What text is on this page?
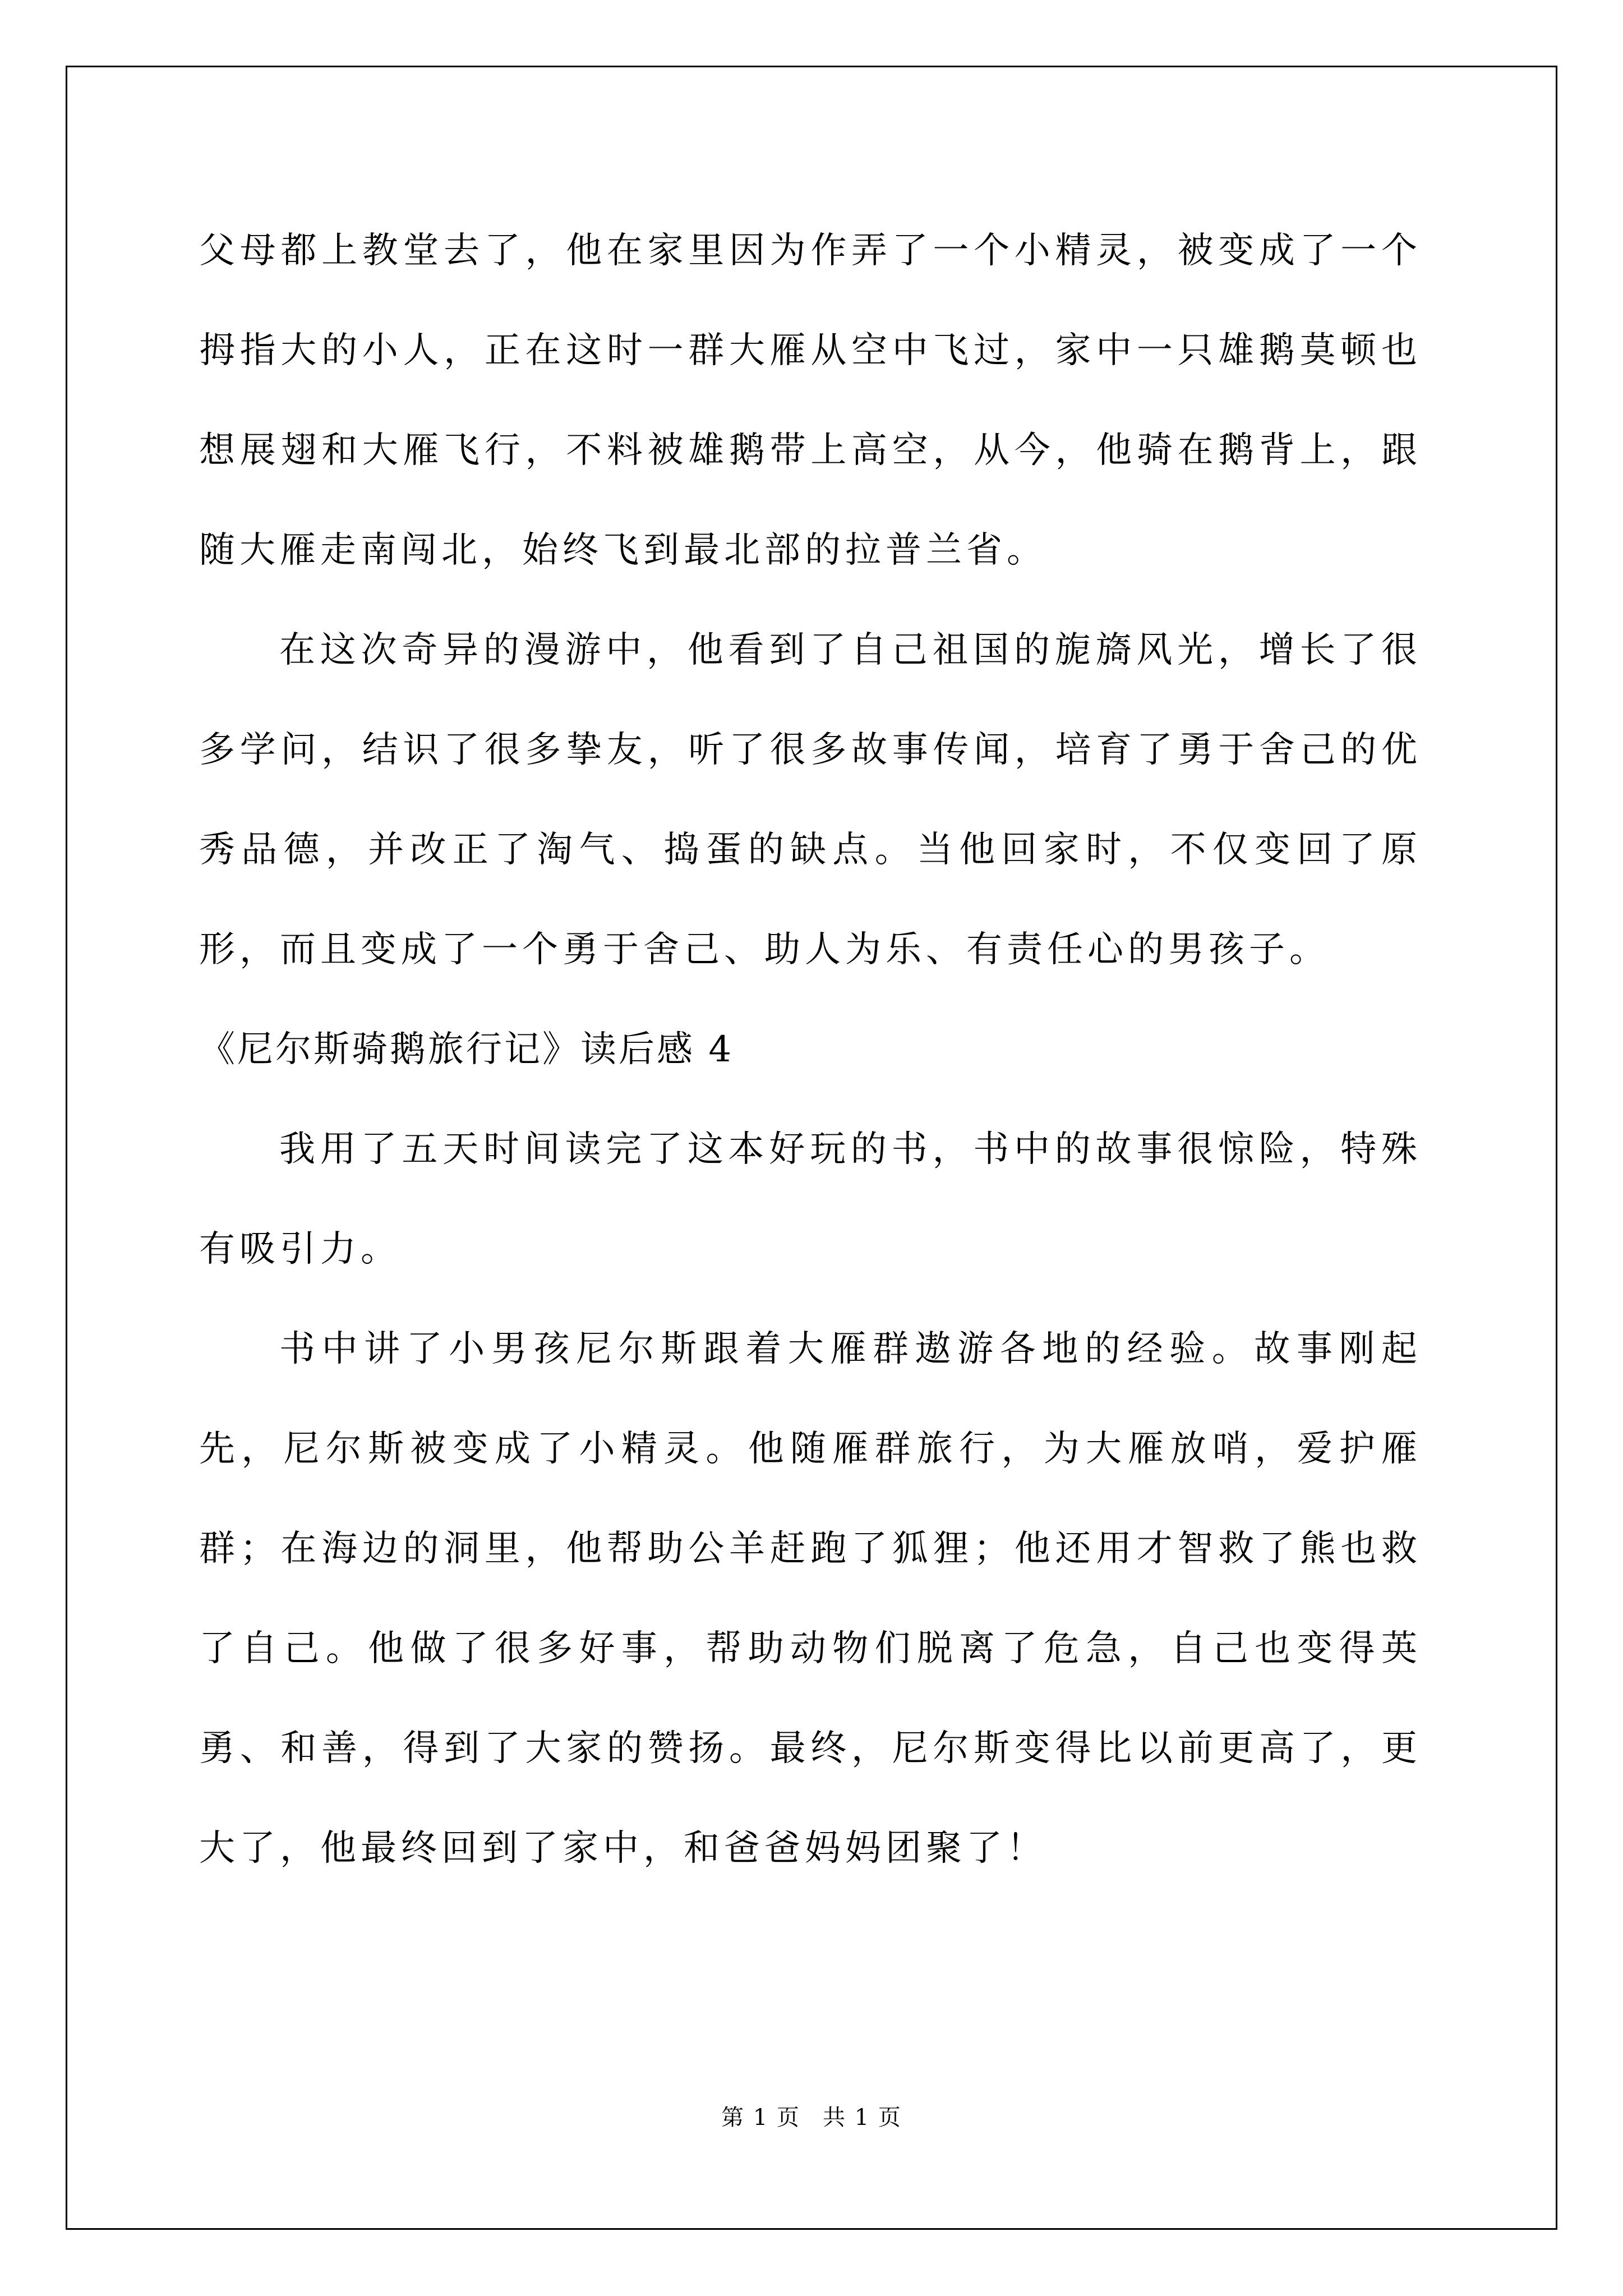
父母都上教堂去了，他在家里因为作弄了一个小精灵，被变成了一个拇指大的小人，正在这时一群大雁从空中飞过，家中一只雄鹅莫顿也想展翅和大雁飞行，不料被雄鹅带上高空，从今，他骑在鹅背上，跟随大雁走南闯北，始终飞到最北部的拉普兰省。

在这次奇异的漫游中，他看到了自己祖国的旎旖风光，增长了很多学问，结识了很多挚友，听了很多故事传闻，培育了勇于舍己的优秀品德，并改正了淘气、捣蛋的缺点。当他回家时，不仅变回了原形，而且变成了一个勇于舍己、助人为乐、有责任心的男孩子。

《尼尔斯骑鹅旅行记》读后感 4

我用了五天时间读完了这本好玩的书，书中的故事很惊险，特殊有吸引力。

书中讲了小男孩尼尔斯跟着大雁群遨游各地的经验。故事刚起先，尼尔斯被变成了小精灵。他随雁群旅行，为大雁放哨，爱护雁群；在海边的洞里，他帮助公羊赶跑了狐狸；他还用才智救了熊也救了自己。他做了很多好事，帮助动物们脱离了危急，自己也变得英勇、和善，得到了大家的赞扬。最终，尼尔斯变得比以前更高了，更大了，他最终回到了家中，和爸爸妈妈团聚了！

第 1 页 共 1 页
